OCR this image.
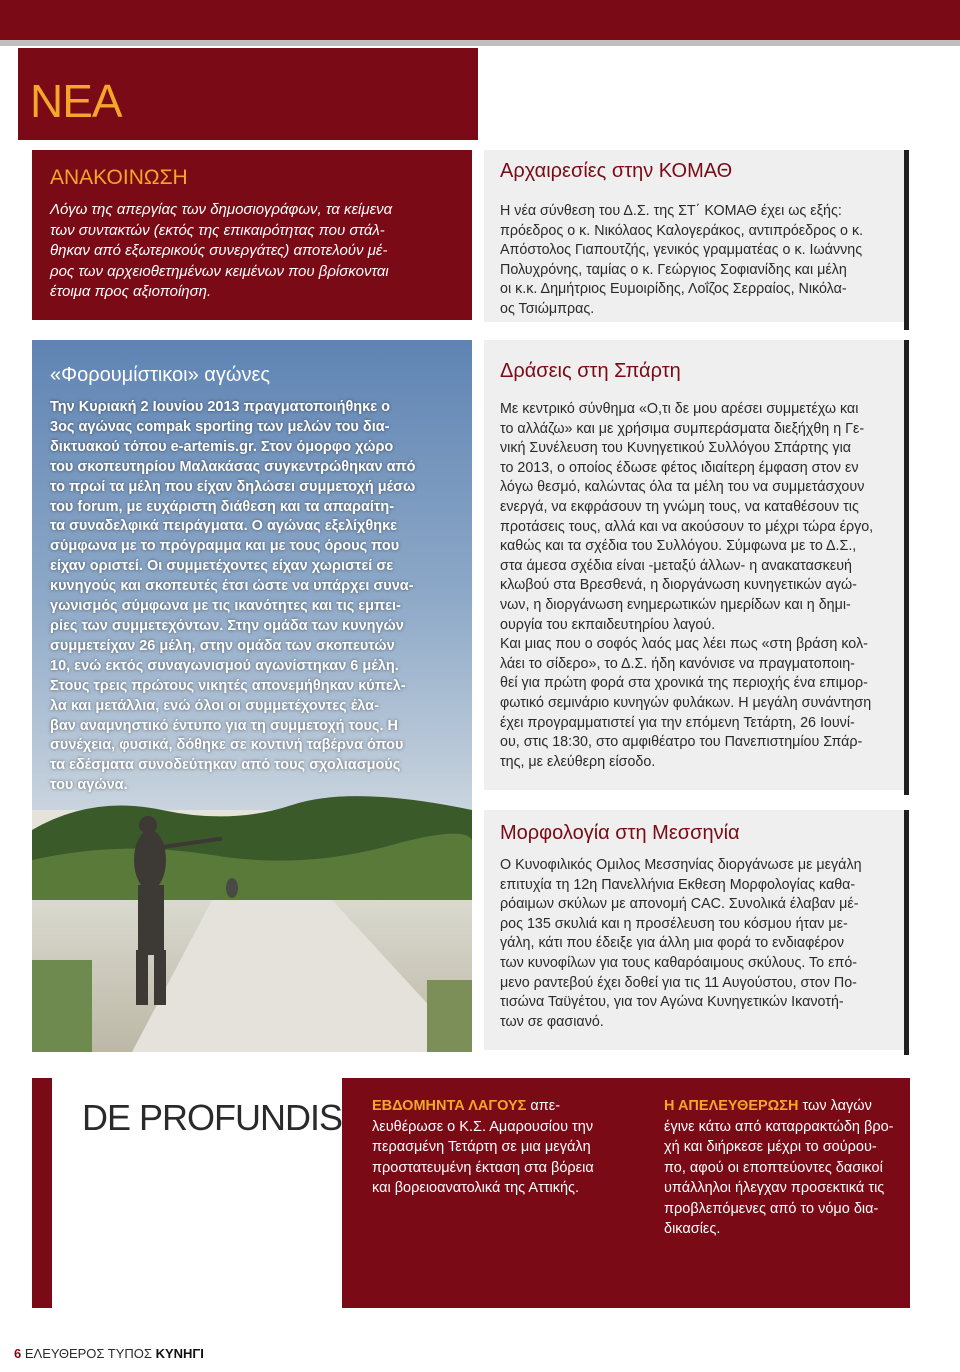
ΝΕΑ
ΑΝΑΚΟΙΝΩΣΗ
Λόγω της απεργίας των δημοσιογράφων, τα κείμενα
των συντακτών (εκτός της επικαιρότητας που στάλ-
θηκαν από εξωτερικούς συνεργάτες) αποτελούν μέ-
ρος των αρχειοθετημένων κειμένων που βρίσκονται
έτοιμα προς αξιοποίηση.
«Φορουμίστικοι» αγώνες
Την Κυριακή 2 Ιουνίου 2013 πραγματοποιήθηκε ο
3ος αγώνας compak sporting των μελών του δια-
δικτυακού τόπου e-artemis.gr. Στον όμορφο χώρο
του σκοπευτηρίου Μαλακάσας συγκεντρώθηκαν από
το πρωί τα μέλη που είχαν δηλώσει συμμετοχή μέσω
του forum, με ευχάριστη διάθεση και τα απαραίτη-
τα συναδελφικά πειράγματα. Ο αγώνας εξελίχθηκε
σύμφωνα με το πρόγραμμα και με τους όρους που
είχαν οριστεί. Οι συμμετέχοντες είχαν χωριστεί σε
κυνηγούς και σκοπευτές έτσι ώστε να υπάρχει συνα-
γωνισμός σύμφωνα με τις ικανότητες και τις εμπει-
ρίες των συμμετεχόντων. Στην ομάδα των κυνηγών
συμμετείχαν 26 μέλη, στην ομάδα των σκοπευτών
10, ενώ εκτός συναγωνισμού αγωνίστηκαν 6 μέλη.
Στους τρεις πρώτους νικητές απονεμήθηκαν κύπελ-
λα και μετάλλια, ενώ όλοι οι συμμετέχοντες έλα-
βαν αναμνηστικό έντυπο για τη συμμετοχή τους. Η
συνέχεια, φυσικά, δόθηκε σε κοντινή ταβέρνα όπου
τα εδέσματα συνοδεύτηκαν από τους σχολιασμούς
του αγώνα.
Αρχαιρεσίες στην ΚΟΜΑΘ
Η νέα σύνθεση του Δ.Σ. της ΣΤ΄ ΚΟΜΑΘ έχει ως εξής:
πρόεδρος ο κ. Νικόλαος Καλογεράκος, αντιπρόεδρος ο κ.
Απόστολος Γιαπουτζής, γενικός γραμματέας ο κ. Ιωάννης
Πολυχρόνης, ταμίας ο κ. Γεώργιος Σοφιανίδης και μέλη
οι κ.κ. Δημήτριος Ευμοιρίδης, Λοΐζος Σερραίος, Νικόλα-
ος Τσιώμπρας.
Δράσεις στη Σπάρτη
Με κεντρικό σύνθημα «Ο,τι δε μου αρέσει συμμετέχω και
το αλλάζω» και με χρήσιμα συμπεράσματα διεξήχθη η Γε-
νική Συνέλευση του Κυνηγετικού Συλλόγου Σπάρτης για
το 2013, ο οποίος έδωσε φέτος ιδιαίτερη έμφαση στον εν
λόγω θεσμό, καλώντας όλα τα μέλη του να συμμετάσχουν
ενεργά, να εκφράσουν τη γνώμη τους, να καταθέσουν τις
προτάσεις τους, αλλά και να ακούσουν το μέχρι τώρα έργο,
καθώς και τα σχέδια του Συλλόγου. Σύμφωνα με το Δ.Σ.,
στα άμεσα σχέδια είναι -μεταξύ άλλων- η ανακατασκευή
κλωβού στα Βρεσθενά, η διοργάνωση κυνηγετικών αγώ-
νων, η διοργάνωση ενημερωτικών ημερίδων και η δημι-
ουργία του εκπαιδευτηρίου λαγού.
Και μιας που ο σοφός λαός μας λέει πως «στη βράση κολ-
λάει το σίδερο», το Δ.Σ. ήδη κανόνισε να πραγματοποιη-
θεί για πρώτη φορά στα χρονικά της περιοχής ένα επιμορ-
φωτικό σεμινάριο κυνηγών φυλάκων. Η μεγάλη συνάντηση
έχει προγραμματιστεί για την επόμενη Τετάρτη, 26 Ιουνί-
ου, στις 18:30, στο αμφιθέατρο του Πανεπιστημίου Σπάρ-
της, με ελεύθερη είσοδο.
Μορφολογία στη Μεσσηνία
Ο Κυνοφιλικός Ομιλος Μεσσηνίας διοργάνωσε με μεγάλη
επιτυχία τη 12η Πανελλήνια Εκθεση Μορφολογίας καθα-
ρόαιμων σκύλων με απονομή CAC. Συνολικά έλαβαν μέ-
ρος 135 σκυλιά και η προσέλευση του κόσμου ήταν με-
γάλη, κάτι που έδειξε για άλλη μια φορά το ενδιαφέρον
των κυνοφίλων για τους καθαρόαιμους σκύλους. Το επό-
μενο ραντεβού έχει δοθεί για τις 11 Αυγούστου, στον Πο-
τισώνα Ταϋγέτου, για τον Αγώνα Κυνηγετικών Ικανοτή-
των σε φασιανό.
DE PROFUNDIS ΕΒΔΟΜΗΝΤΑ ΛΑΓΟΥΣ απε-
λευθέρωσε ο Κ.Σ. Αμαρουσίου την
περασμένη Τετάρτη σε μια μεγάλη
προστατευμένη έκταση στα βόρεια
και βορειοανατολικά της Αττικής.
Η ΑΠΕΛΕΥΘΕΡΩΣΗ των λαγών
έγινε κάτω από καταρρακτώδη βρο-
χή και διήρκεσε μέχρι το σούρου-
πο, αφού οι εποπτεύοντες δασικοί
υπάλληλοι ήλεγχαν προσεκτικά τις
προβλεπόμενες από το νόμο δια-
δικασίες.
6 ΕΛΕΥΘΕΡΟΣ ΤΥΠΟΣ ΚΥΝΗΓΙ
